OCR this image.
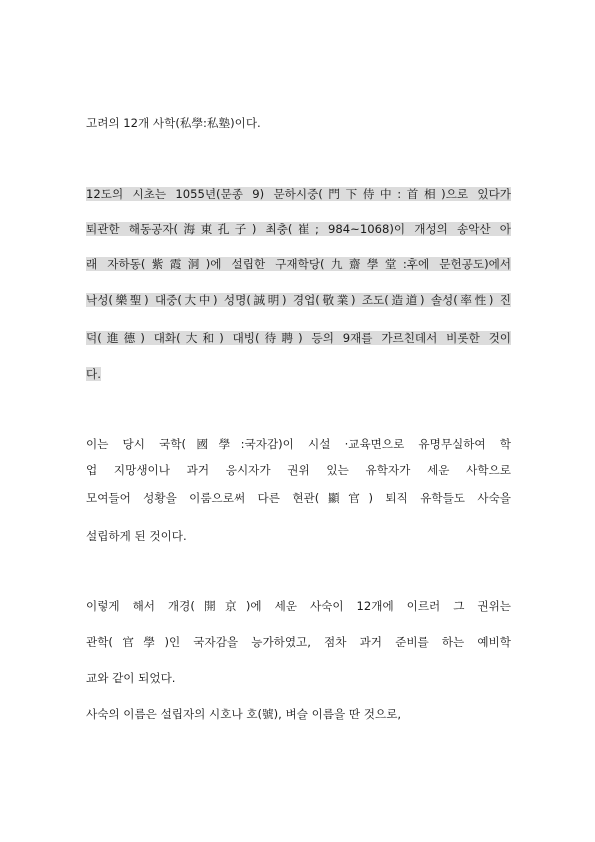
고려의 12개 사학(私學:私塾)이다.
12도의 시초는 1055년(문종 9) 문하시중(門下侍中:首相)으로 있다가
퇴관한 해동공자(海東孔子) 최충(崔; 984~1068)이 개성의 송악산 아
래 자하동(紫霞洞)에 설립한 구재학당(九齋學堂:후에 문헌공도)에서
낙성(樂聖) 대중(大中) 성명(誠明) 경업(敬業) 조도(造道) 솔성(率性) 진
덕(進德) 대화(大和) 대빙(待聘) 등의 9재를 가르친데서 비롯한 것이
다.
이는 당시 국학(國學:국자감)이 시설 ·교육면으로 유명무실하여 학
업 지망생이나 과거 응시자가 권위 있는 유학자가 세운 사학으로
모여들어 성황을 이룸으로써 다른 현관(顯官) 퇴직 유학들도 사숙을
설립하게 된 것이다.
이렇게 해서 개경(開京)에 세운 사숙이 12개에 이르러 그 권위는
관학(官學)인 국자감을 능가하였고, 점차 과거 준비를 하는 예비학
교와 같이 되었다.
사숙의 이름은 설립자의 시호나 호(號), 벼슬 이름을 딴 것으로,
